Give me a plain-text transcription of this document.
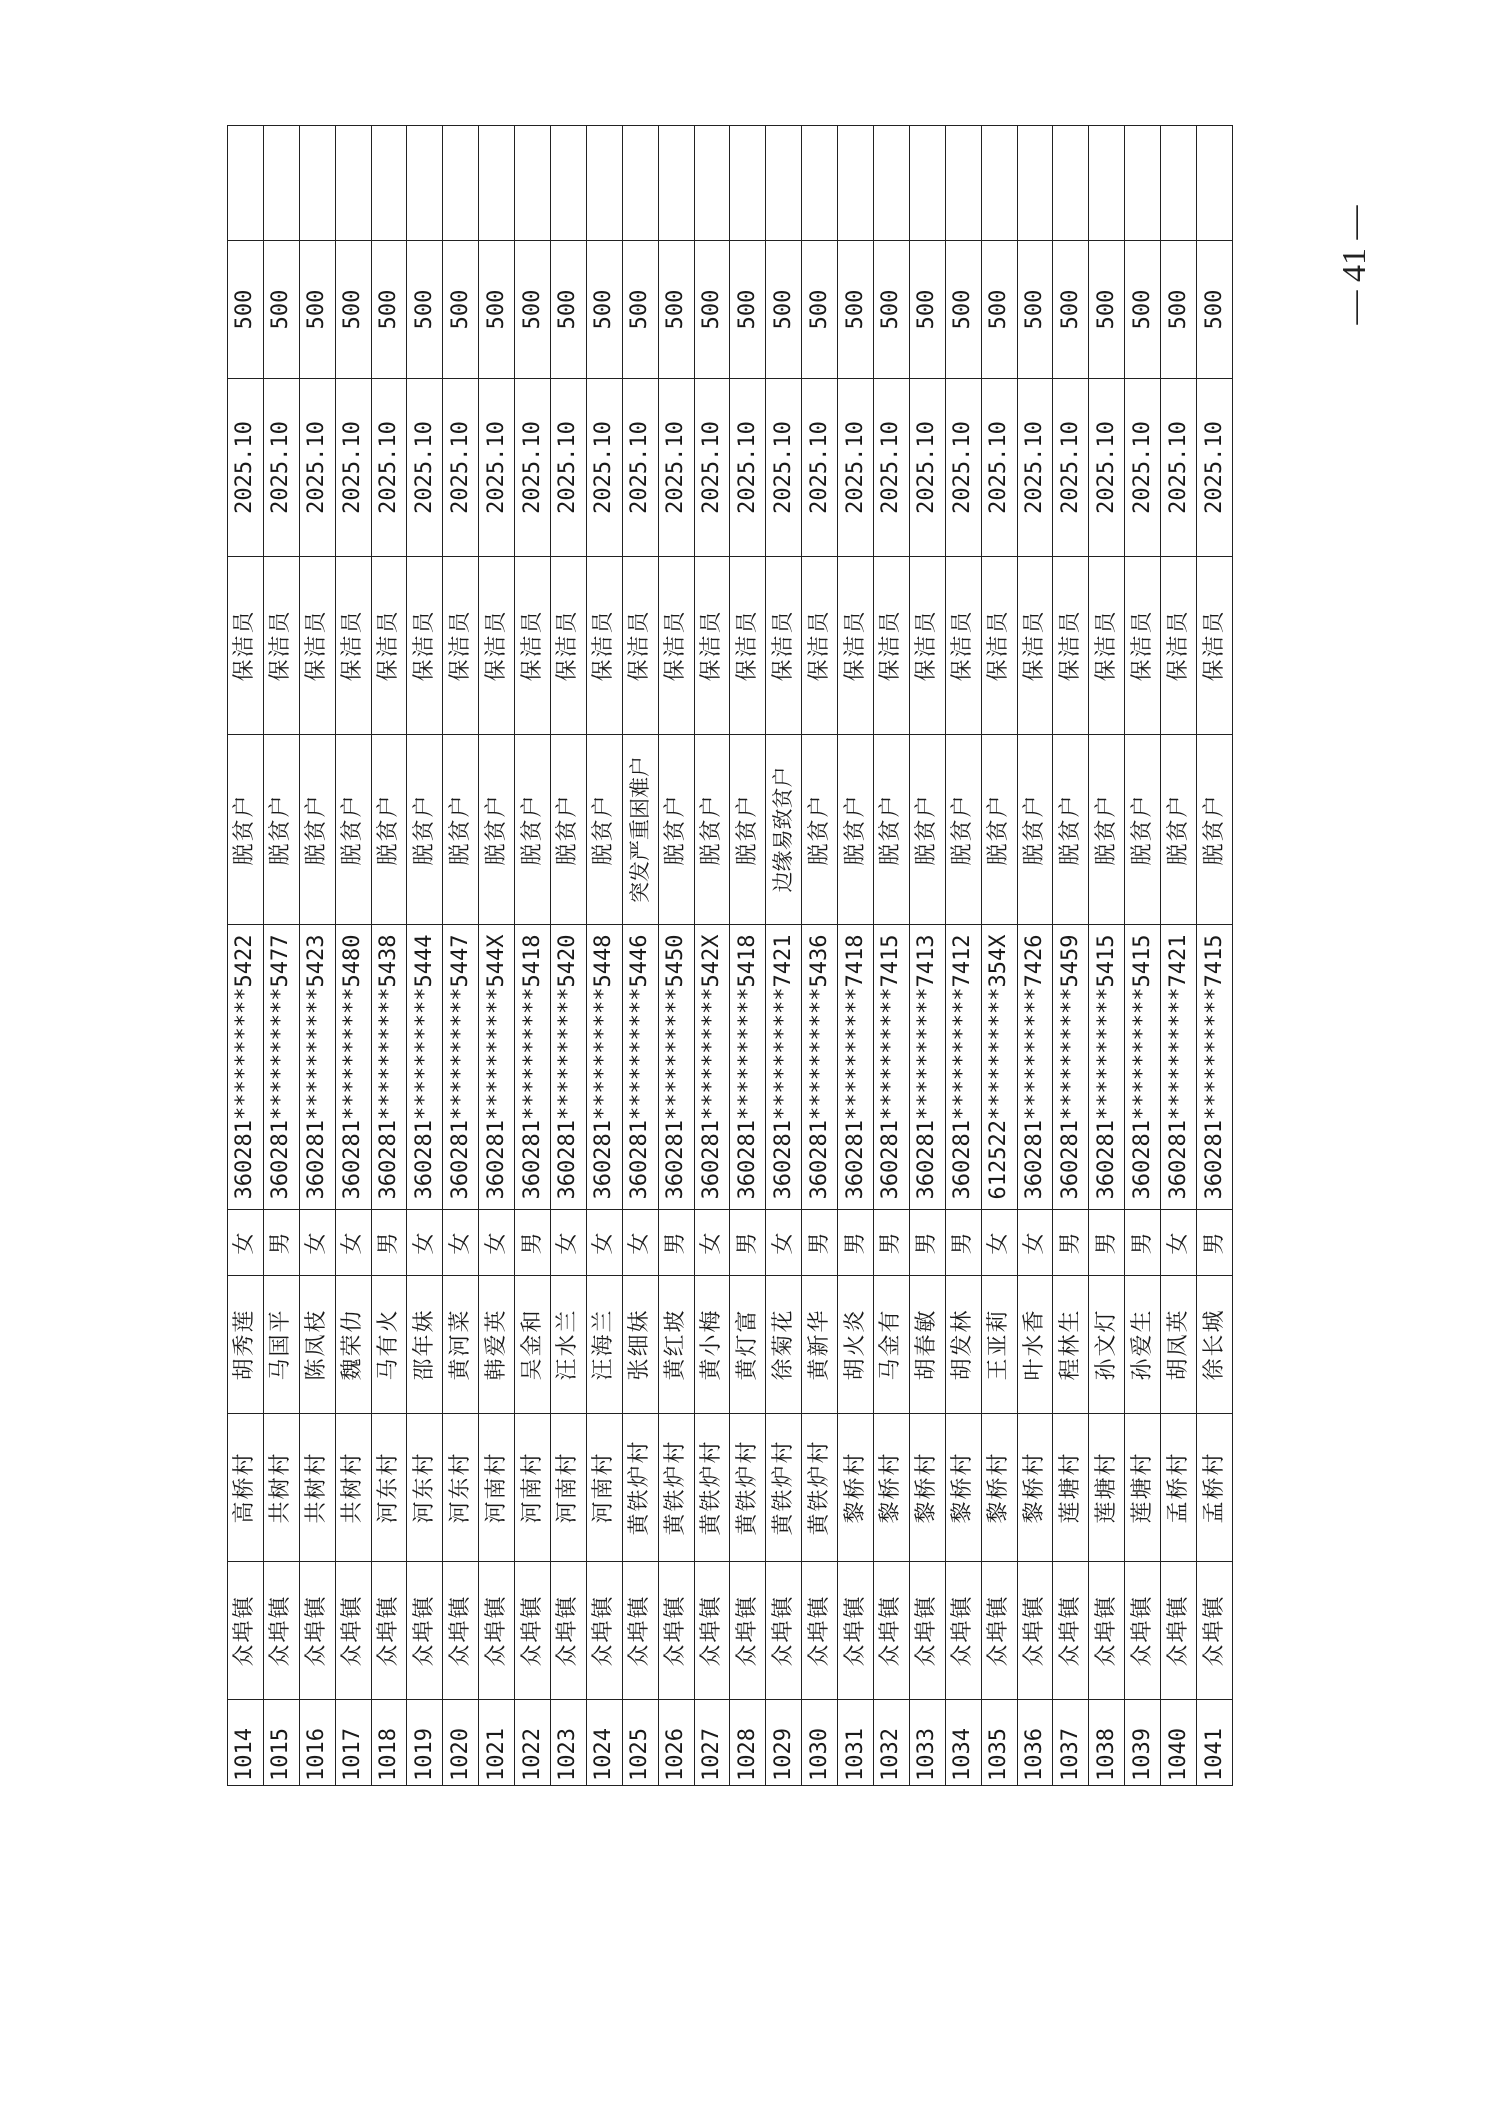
1014	众埠镇	高桥村	胡秀莲	女	360281**********5422	脱贫户	保洁员	2025.10	500	
1015	众埠镇	共树村	马国平	男	360281**********5477	脱贫户	保洁员	2025.10	500	
1016	众埠镇	共树村	陈凤枝	女	360281**********5423	脱贫户	保洁员	2025.10	500	
1017	众埠镇	共树村	魏荣仂	女	360281**********5480	脱贫户	保洁员	2025.10	500	
1018	众埠镇	河东村	马有火	男	360281**********5438	脱贫户	保洁员	2025.10	500	
1019	众埠镇	河东村	邵年妹	女	360281**********5444	脱贫户	保洁员	2025.10	500	
1020	众埠镇	河东村	黄河菜	女	360281**********5447	脱贫户	保洁员	2025.10	500	
1021	众埠镇	河南村	韩爱英	女	360281**********544X	脱贫户	保洁员	2025.10	500	
1022	众埠镇	河南村	吴金和	男	360281**********5418	脱贫户	保洁员	2025.10	500	
1023	众埠镇	河南村	汪水兰	女	360281**********5420	脱贫户	保洁员	2025.10	500	
1024	众埠镇	河南村	汪海兰	女	360281**********5448	脱贫户	保洁员	2025.10	500	
1025	众埠镇	黄铁炉村	张细妹	女	360281**********5446	突发严重困难户	保洁员	2025.10	500	
1026	众埠镇	黄铁炉村	黄红坡	男	360281**********5450	脱贫户	保洁员	2025.10	500	
1027	众埠镇	黄铁炉村	黄小梅	女	360281**********542X	脱贫户	保洁员	2025.10	500	
1028	众埠镇	黄铁炉村	黄灯富	男	360281**********5418	脱贫户	保洁员	2025.10	500	
1029	众埠镇	黄铁炉村	徐菊花	女	360281**********7421	边缘易致贫户	保洁员	2025.10	500	
1030	众埠镇	黄铁炉村	黄新华	男	360281**********5436	脱贫户	保洁员	2025.10	500	
1031	众埠镇	黎桥村	胡火炎	男	360281**********7418	脱贫户	保洁员	2025.10	500	
1032	众埠镇	黎桥村	马金有	男	360281**********7415	脱贫户	保洁员	2025.10	500	
1033	众埠镇	黎桥村	胡春敏	男	360281**********7413	脱贫户	保洁员	2025.10	500	
1034	众埠镇	黎桥村	胡发林	男	360281**********7412	脱贫户	保洁员	2025.10	500	
1035	众埠镇	黎桥村	王亚莉	女	612522**********354X	脱贫户	保洁员	2025.10	500	
1036	众埠镇	黎桥村	叶水香	女	360281**********7426	脱贫户	保洁员	2025.10	500	
1037	众埠镇	莲塘村	程林生	男	360281**********5459	脱贫户	保洁员	2025.10	500	
1038	众埠镇	莲塘村	孙文灯	男	360281**********5415	脱贫户	保洁员	2025.10	500	
1039	众埠镇	莲塘村	孙爱生	男	360281**********5415	脱贫户	保洁员	2025.10	500	
1040	众埠镇	孟桥村	胡凤英	女	360281**********7421	脱贫户	保洁员	2025.10	500	
1041	众埠镇	孟桥村	徐长城	男	360281**********7415	脱贫户	保洁员	2025.10	500		— 41 —
